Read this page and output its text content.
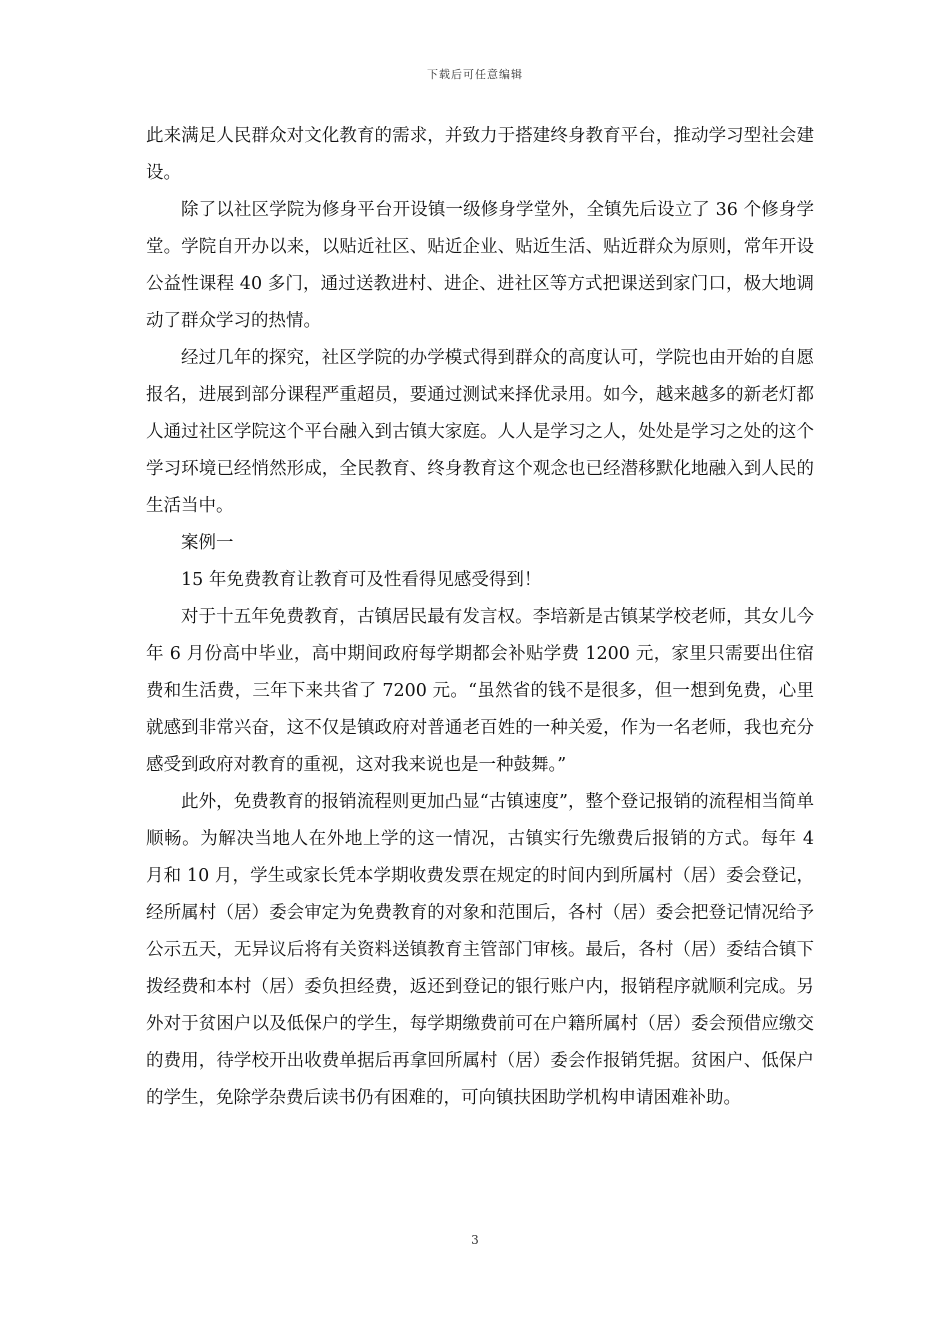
下载后可任意编辑

此来满足人民群众对文化教育的需求，并致力于搭建终身教育平台，推动学习型社会建设。

除了以社区学院为修身平台开设镇一级修身学堂外，全镇先后设立了 36 个修身学堂。学院自开办以来，以贴近社区、贴近企业、贴近生活、贴近群众为原则，常年开设公益性课程 40 多门，通过送教进村、进企、进社区等方式把课送到家门口，极大地调动了群众学习的热情。

经过几年的探究，社区学院的办学模式得到群众的高度认可，学院也由开始的自愿报名，进展到部分课程严重超员，要通过测试来择优录用。如今，越来越多的新老灯都人通过社区学院这个平台融入到古镇大家庭。人人是学习之人，处处是学习之处的这个学习环境已经悄然形成，全民教育、终身教育这个观念也已经潜移默化地融入到人民的生活当中。

案例一

15 年免费教育让教育可及性看得见感受得到！

对于十五年免费教育，古镇居民最有发言权。李培新是古镇某学校老师，其女儿今年 6 月份高中毕业，高中期间政府每学期都会补贴学费 1200 元，家里只需要出住宿费和生活费，三年下来共省了 7200 元。“虽然省的钱不是很多，但一想到免费，心里就感到非常兴奋，这不仅是镇政府对普通老百姓的一种关爱，作为一名老师，我也充分感受到政府对教育的重视，这对我来说也是一种鼓舞。”

此外，免费教育的报销流程则更加凸显“古镇速度”，整个登记报销的流程相当简单顺畅。为解决当地人在外地上学的这一情况，古镇实行先缴费后报销的方式。每年 4 月和 10 月，学生或家长凭本学期收费发票在规定的时间内到所属村（居）委会登记，经所属村（居）委会审定为免费教育的对象和范围后，各村（居）委会把登记情况给予公示五天，无异议后将有关资料送镇教育主管部门审核。最后，各村（居）委结合镇下拨经费和本村（居）委负担经费，返还到登记的银行账户内，报销程序就顺利完成。另外对于贫困户以及低保户的学生，每学期缴费前可在户籍所属村（居）委会预借应缴交的费用，待学校开出收费单据后再拿回所属村（居）委会作报销凭据。贫困户、低保户的学生，免除学杂费后读书仍有困难的，可向镇扶困助学机构申请困难补助。

3
